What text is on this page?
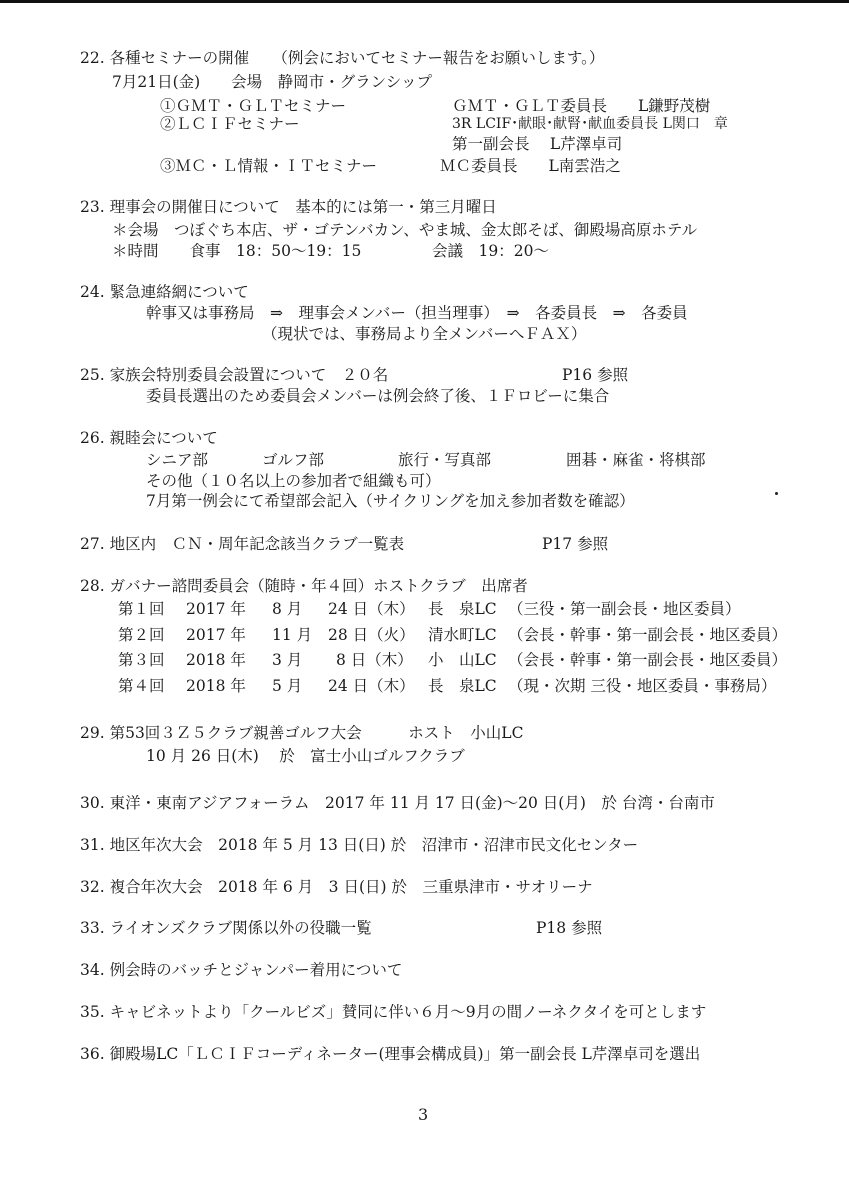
22. 各種セミナーの開催　　（例会においてセミナー報告をお願いします。）
7月21日(金)　　会場　静岡市・グランシップ
①ＧＭＴ・ＧＬＴセミナー	ＧＭＴ・ＧＬＴ委員長　　L鎌野茂樹
②ＬＣＩＦセミナー	3R LCIF･献眼･献腎･献血委員長 L関口　章
第一副会長　 L芹澤卓司
③ＭＣ・Ｌ情報・ＩＴセミナー	ＭＣ委員長　　L南雲浩之
23. 理事会の開催日について　基本的には第一・第三月曜日
＊会場　つぼぐち本店、ザ・ゴテンバカン、やま城、金太郎そば、御殿場高原ホテル
＊時間　　食事　18：50～19：15	会議　19：20～
24. 緊急連絡網について
幹事又は事務局　⇒　理事会メンバー（担当理事）　⇒　各委員長　⇒　各委員
（現状では、事務局より全メンバーへＦＡＸ）
25. 家族会特別委員会設置について　２０名	P16 参照
委員長選出のため委員会メンバーは例会終了後、１Ｆロビーに集合
26. 親睦会について
シニア部	ゴルフ部	旅行・写真部	囲碁・麻雀・将棋部
その他（１０名以上の参加者で組織も可）
7月第一例会にて希望部会記入（サイクリングを加え参加者数を確認）
27. 地区内　ＣＮ・周年記念該当クラブ一覧表	P17 参照
28. ガバナー諮問委員会（随時・年４回）ホストクラブ　出席者
第１回 2017 年 8 月 24 日（木） 長　泉LC （三役・第一副会長・地区委員）
第２回 2017 年 11 月 28 日（火） 清水町LC （会長・幹事・第一副会長・地区委員）
第３回 2018 年 3 月 8 日（木） 小　山LC （会長・幹事・第一副会長・地区委員）
第４回 2018 年 5 月 24 日（木） 長　泉LC （現・次期 三役・地区委員・事務局）
29. 第53回３Ｚ５クラブ親善ゴルフ大会　　　ホスト　小山LC
10 月 26 日(木)　 於　富士小山ゴルフクラブ
30. 東洋・東南アジアフォーラム　2017 年 11 月 17 日(金)～20 日(月)　於 台湾・台南市
31. 地区年次大会　2018 年 5 月 13 日(日) 於　沼津市・沼津市民文化センター
32. 複合年次大会　2018 年 6 月　3 日(日) 於　三重県津市・サオリーナ
33. ライオンズクラブ関係以外の役職一覧	P18 参照
34. 例会時のバッチとジャンパー着用について
35. キャビネットより「クールビズ」賛同に伴い６月～9月の間ノーネクタイを可とします
36. 御殿場LC「ＬＣＩＦコーディネーター(理事会構成員)」第一副会長 L芹澤卓司を選出
3
